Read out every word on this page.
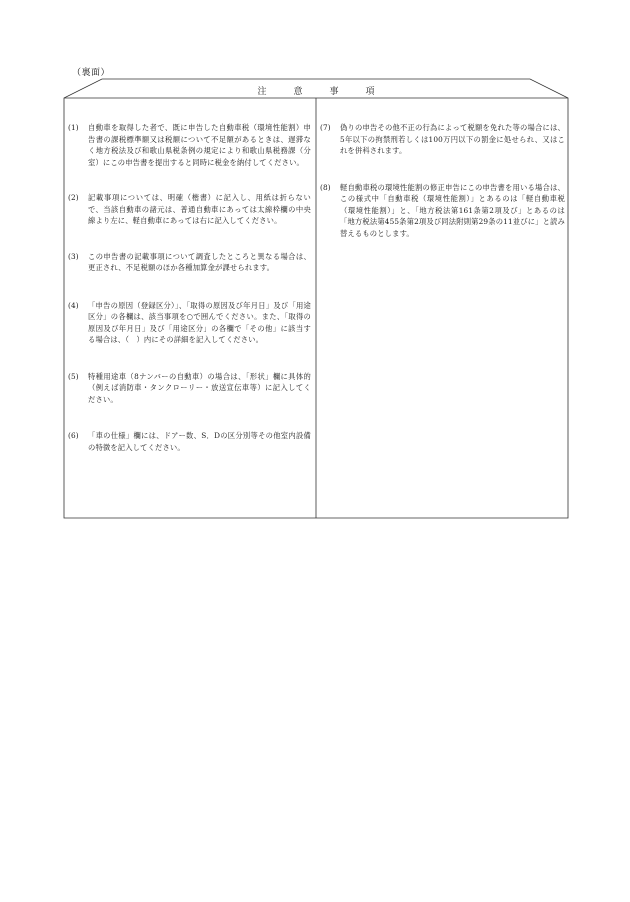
（裏面）
注意事項
(1) 自動車を取得した者で、既に申告した自動車税（環境性能割）申告書の課税標準額又は税額について不足額があるときは、遅滞なく地方税法及び和歌山県税条例の規定により和歌山県税務課（分室）にこの申告書を提出すると同時に税金を納付してください。
(2) 記載事項については、明確（楷書）に記入し、用紙は折らないで、当該自動車の諸元は、普通自動車にあっては太線枠欄の中央線より左に、軽自動車にあっては右に記入してください。
(3) この申告書の記載事項について調査したところと異なる場合は、更正され、不足税額のほか各種加算金が課せられます。
(4) 「申告の原因（登録区分）」、「取得の原因及び年月日」及び「用途区分」の各欄は、該当事項を○で囲んでください。また、「取得の原因及び年月日」及び「用途区分」の各欄で「その他」に該当する場合は、（　）内にその詳細を記入してください。
(5) 特種用途車（8ナンバーの自動車）の場合は、「形状」欄に具体的（例えば消防車・タンクローリー・放送宣伝車等）に記入してください。
(6) 「車の仕様」欄には、ドアー数、S．Dの区分別等その他室内設備の特徴を記入してください。
(7) 偽りの申告その他不正の行為によって税額を免れた等の場合には、5年以下の拘禁刑若しくは100万円以下の罰金に処せられ、又はこれを併科されます。
(8) 軽自動車税の環境性能割の修正申告にこの申告書を用いる場合は、この様式中「自動車税（環境性能割）」とあるのは「軽自動車税（環境性能割）」と、「地方税法第161条第2項及び」とあるのは「地方税法第455条第2項及び同法附則第29条の11並びに」と読み替えるものとします。
